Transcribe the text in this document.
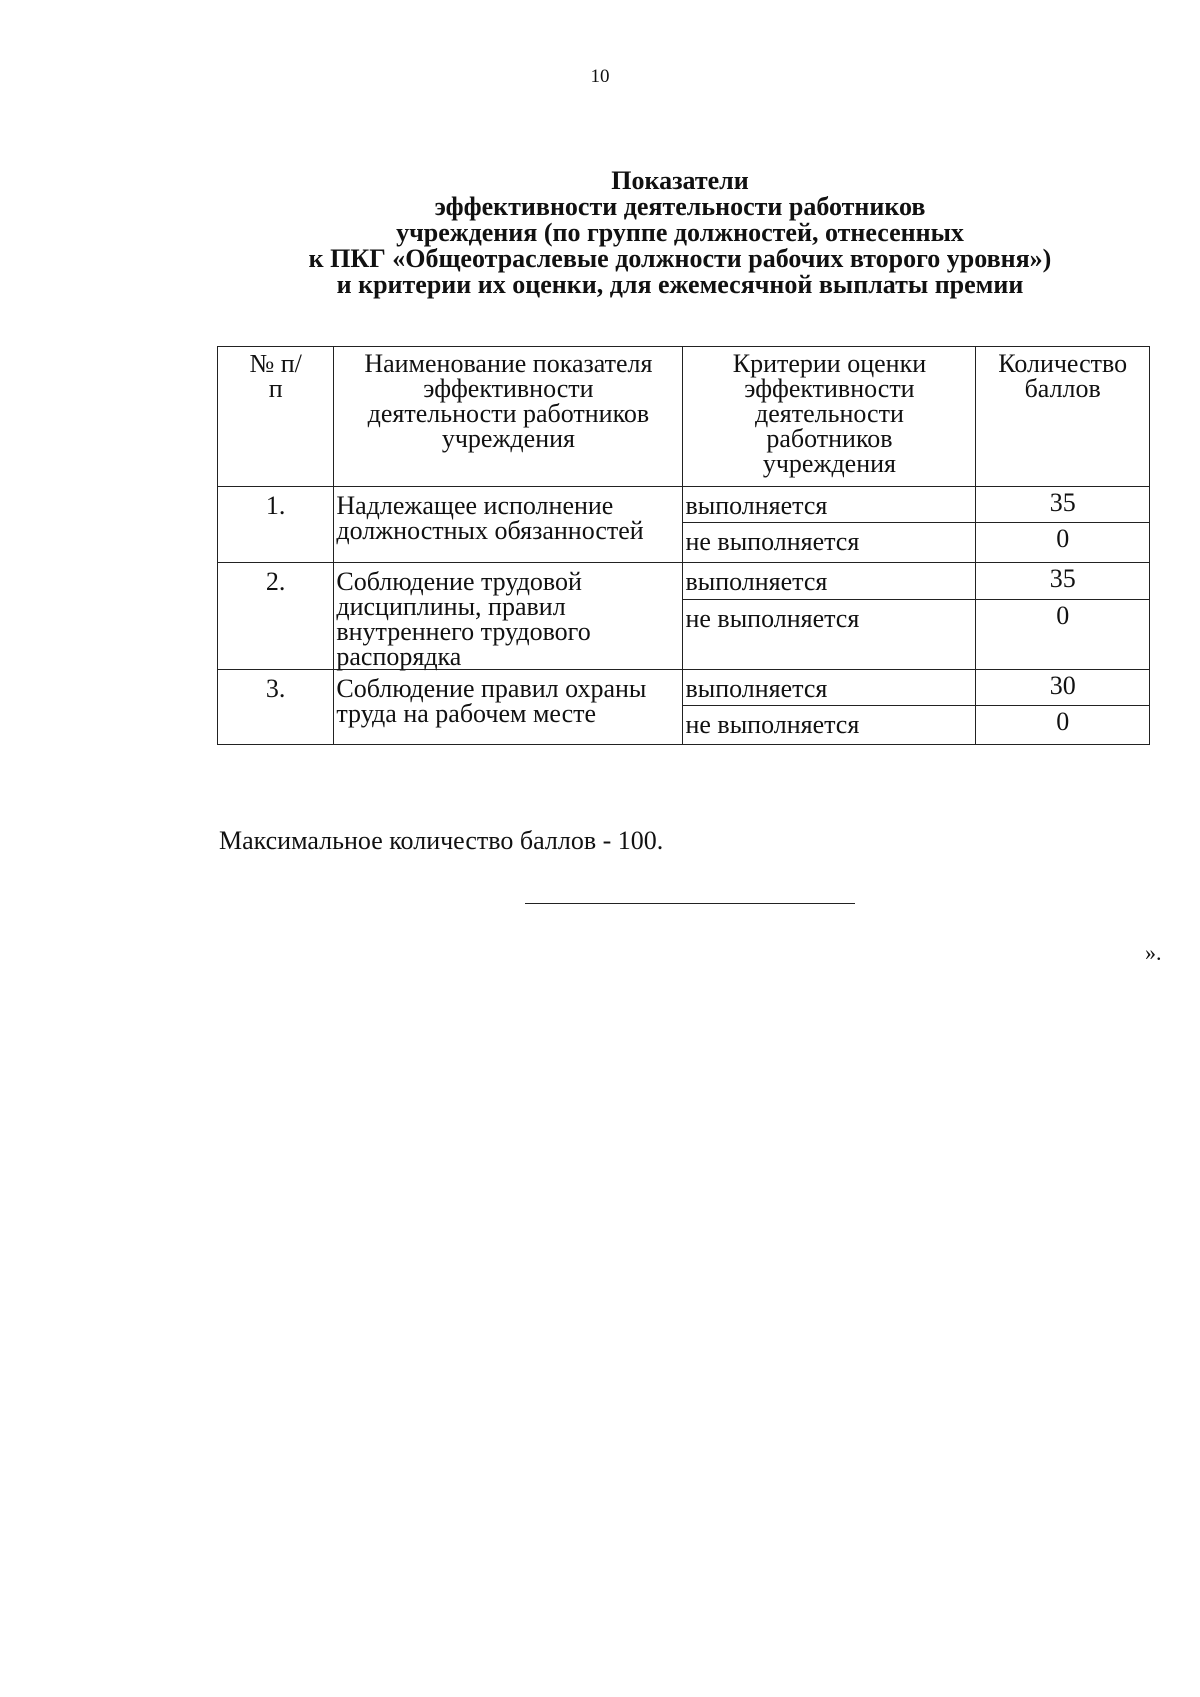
10
Показатели
эффективности деятельности работников
учреждения (по группе должностей, отнесенных
к ПКГ «Общеотраслевые должности рабочих второго уровня»)
и критерии их оценки, для ежемесячной выплаты премии
№ п/п	Наименование показателя эффективности деятельности работников учреждения	Критерии оценки эффективности деятельности работников учреждения	Количество баллов

1.	Надлежащее исполнение должностных обязанностей	выполняется	35
		не выполняется	0
2.	Соблюдение трудовой дисциплины, правил внутреннего трудового распорядка	выполняется	35
		не выполняется	0
3.	Соблюдение правил охраны труда на рабочем месте	выполняется	30
		не выполняется	0
Максимальное количество баллов - 100.
».
